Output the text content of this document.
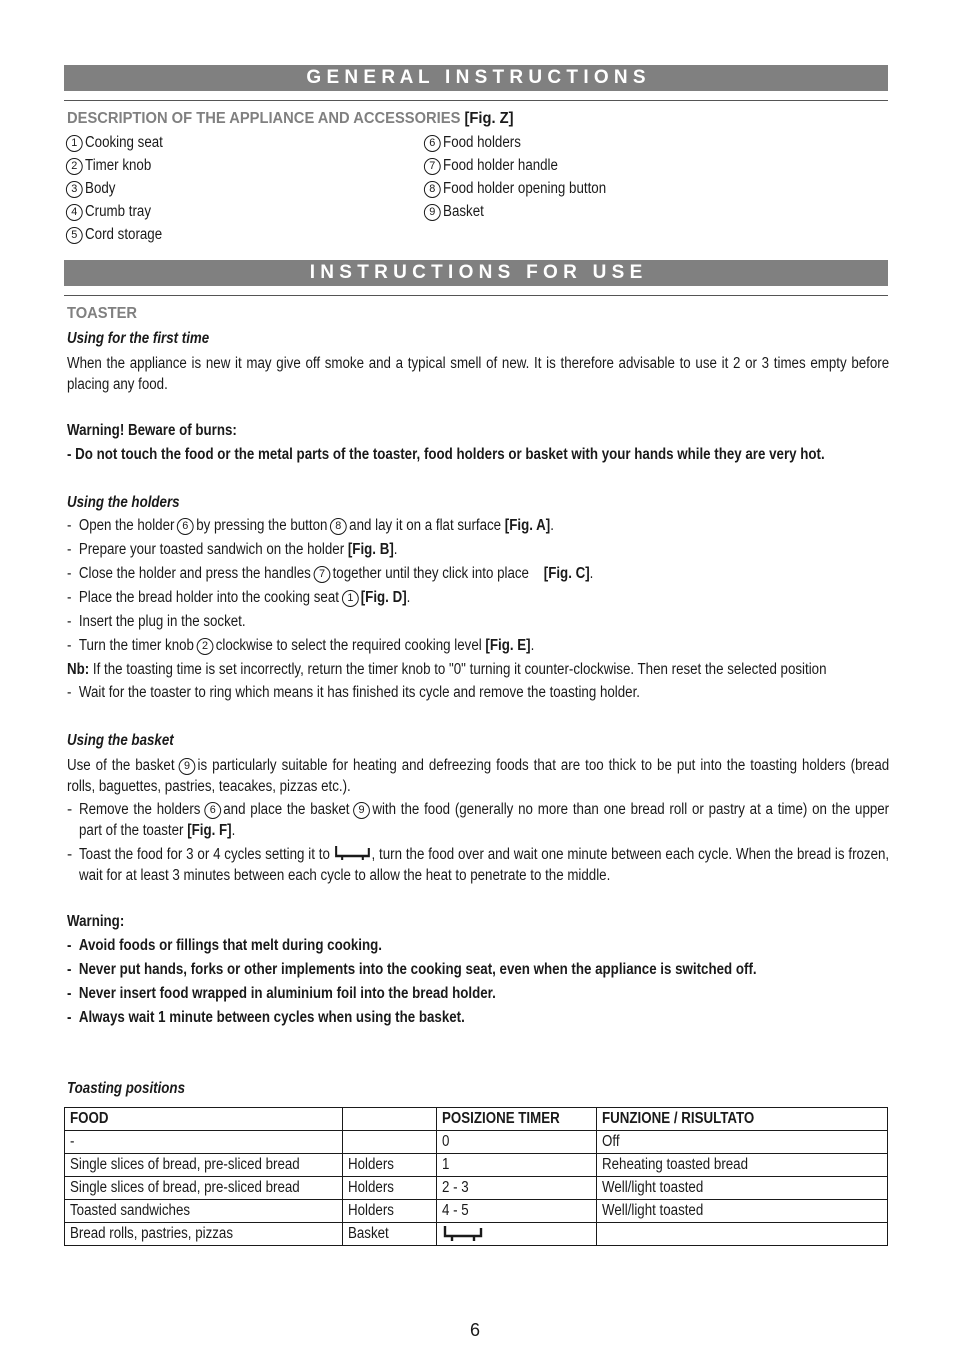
G E N E R A L   I N S T R U C T I O N S
DESCRIPTION OF THE APPLIANCE AND ACCESSORIES [Fig. Z]
1 Cooking seat
2 Timer knob
3 Body
4 Crumb tray
5 Cord storage
6 Food holders
7 Food holder handle
8 Food holder opening button
9 Basket
I N S T R U C T I O N S   F O R   U S E
TOASTER
Using for the first time
When the appliance is new it may give off smoke and a typical smell of new. It is therefore advisable to use it 2 or 3 times empty before placing any food.
Warning! Beware of burns:
- Do not touch the food or the metal parts of the toaster, food holders or basket with your hands while they are very hot.
Using the holders
-  Open the holder 6 by pressing the button 8 and lay it on a flat surface [Fig. A].
-  Prepare your toasted sandwich on the holder [Fig. B].
-  Close the holder and press the handles 7 together until they click into place [Fig. C].
-  Place the bread holder into the cooking seat 1 [Fig. D].
-  Insert the plug in the socket.
-  Turn the timer knob 2 clockwise to select the required cooking level [Fig. E].
Nb: If the toasting time is set incorrectly, return the timer knob to "0" turning it counter-clockwise. Then reset the selected position
-  Wait for the toaster to ring which means it has finished its cycle and remove the toasting holder.
Using the basket
Use of the basket 9 is particularly suitable for heating and defreezing foods that are too thick to be put into the toasting holders (bread rolls, baguettes, pastries, teacakes, pizzas etc.).
- Remove the holders 6 and place the basket 9 with the food (generally no more than one bread roll or pastry at a time) on the upper part of the toaster [Fig. F].
- Toast the food for 3 or 4 cycles setting it to	, turn the food over and wait one minute between each cycle. When the bread is frozen, wait for at least 3 minutes between each cycle to allow the heat to penetrate to the middle.
Warning:
-  Avoid foods or fillings that melt during cooking.
-  Never put hands, forks or other implements into the cooking seat, even when the appliance is switched off.
-  Never insert food wrapped in aluminium foil into the bread holder.
-  Always wait 1 minute between cycles when using the basket.
Toasting positions
FOOD		POSIZIONE TIMER	FUNZIONE / RISULTATO
-		0	Off
Single slices of bread, pre-sliced bread	Holders	1	Reheating toasted bread
Single slices of bread, pre-sliced bread	Holders	2 - 3	Well/light toasted
Toasted sandwiches	Holders	4 - 5	Well/light toasted
Bread rolls, pastries, pizzas	Basket		
6
